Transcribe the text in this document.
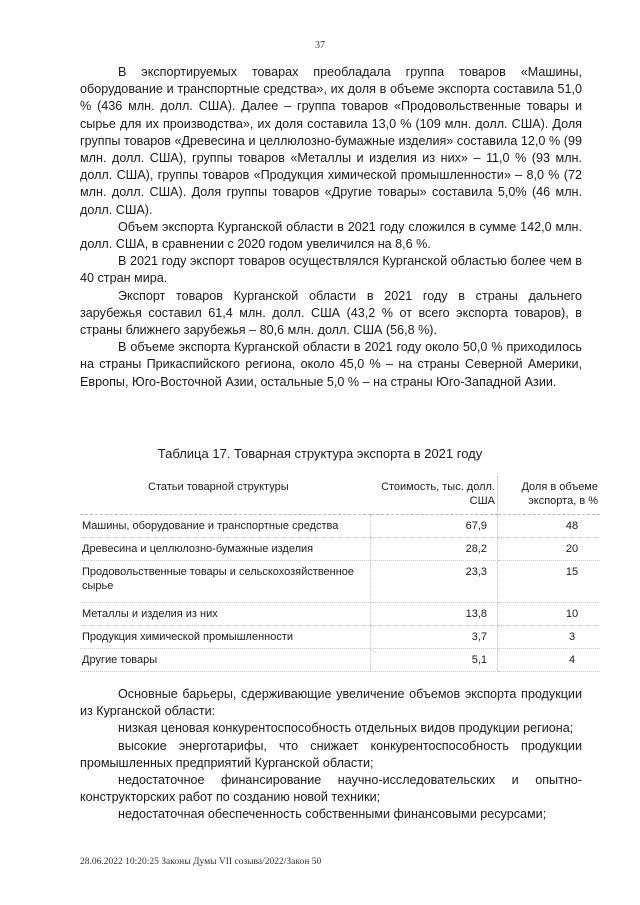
37

В экспортируемых товарах преобладала группа товаров «Машины, оборудование и транспортные средства», их доля в объеме экспорта составила 51,0 % (436 млн. долл. США). Далее – группа товаров «Продовольственные товары и сырье для их производства», их доля составила 13,0 % (109 млн. долл. США). Доля группы товаров «Древесина и целлюлозно-бумажные изделия» составила 12,0 % (99 млн. долл. США), группы товаров «Металлы и изделия из них» – 11,0 % (93 млн. долл. США), группы товаров «Продукция химической промышленности» – 8,0 % (72 млн. долл. США). Доля группы товаров «Другие товары» составила 5,0% (46 млн. долл. США).

Объем экспорта Курганской области в 2021 году сложился в сумме 142,0 млн. долл. США, в сравнении с 2020 годом увеличился на 8,6 %.

В 2021 году экспорт товаров осуществлялся Курганской областью более чем в 40 стран мира.

Экспорт товаров Курганской области в 2021 году в страны дальнего зарубежья составил 61,4 млн. долл. США (43,2 % от всего экспорта товаров), в страны ближнего зарубежья – 80,6 млн. долл. США (56,8 %).

В объеме экспорта Курганской области в 2021 году около 50,0 % приходилось на страны Прикаспийского региона, около 45,0 % – на страны Северной Америки, Европы, Юго-Восточной Азии, остальные 5,0 % – на страны Юго-Западной Азии.

Таблица 17. Товарная структура экспорта в 2021 году
Статьи товарной структуры	Стоимость, тыс. долл. США	Доля в объеме экспорта, в %
Машины, оборудование и транспортные средства	67,9	48
Древесина и целлюлозно-бумажные изделия	28,2	20
Продовольственные товары и сельскохозяйственное сырье	23,3	15
Металлы и изделия из них	13,8	10
Продукция химической промышленности	3,7	3
Другие товары	5,1	4

Основные барьеры, сдерживающие увеличение объемов экспорта продукции из Курганской области:

низкая ценовая конкурентоспособность отдельных видов продукции региона;

высокие энерготарифы, что снижает конкурентоспособность продукции промышленных предприятий Курганской области;

недостаточное финансирование научно-исследовательских и опытно-конструкторских работ по созданию новой техники;

недостаточная обеспеченность собственными финансовыми ресурсами;

28.06.2022 10:20:25 Законы Думы VII созыва/2022/Закон 50
